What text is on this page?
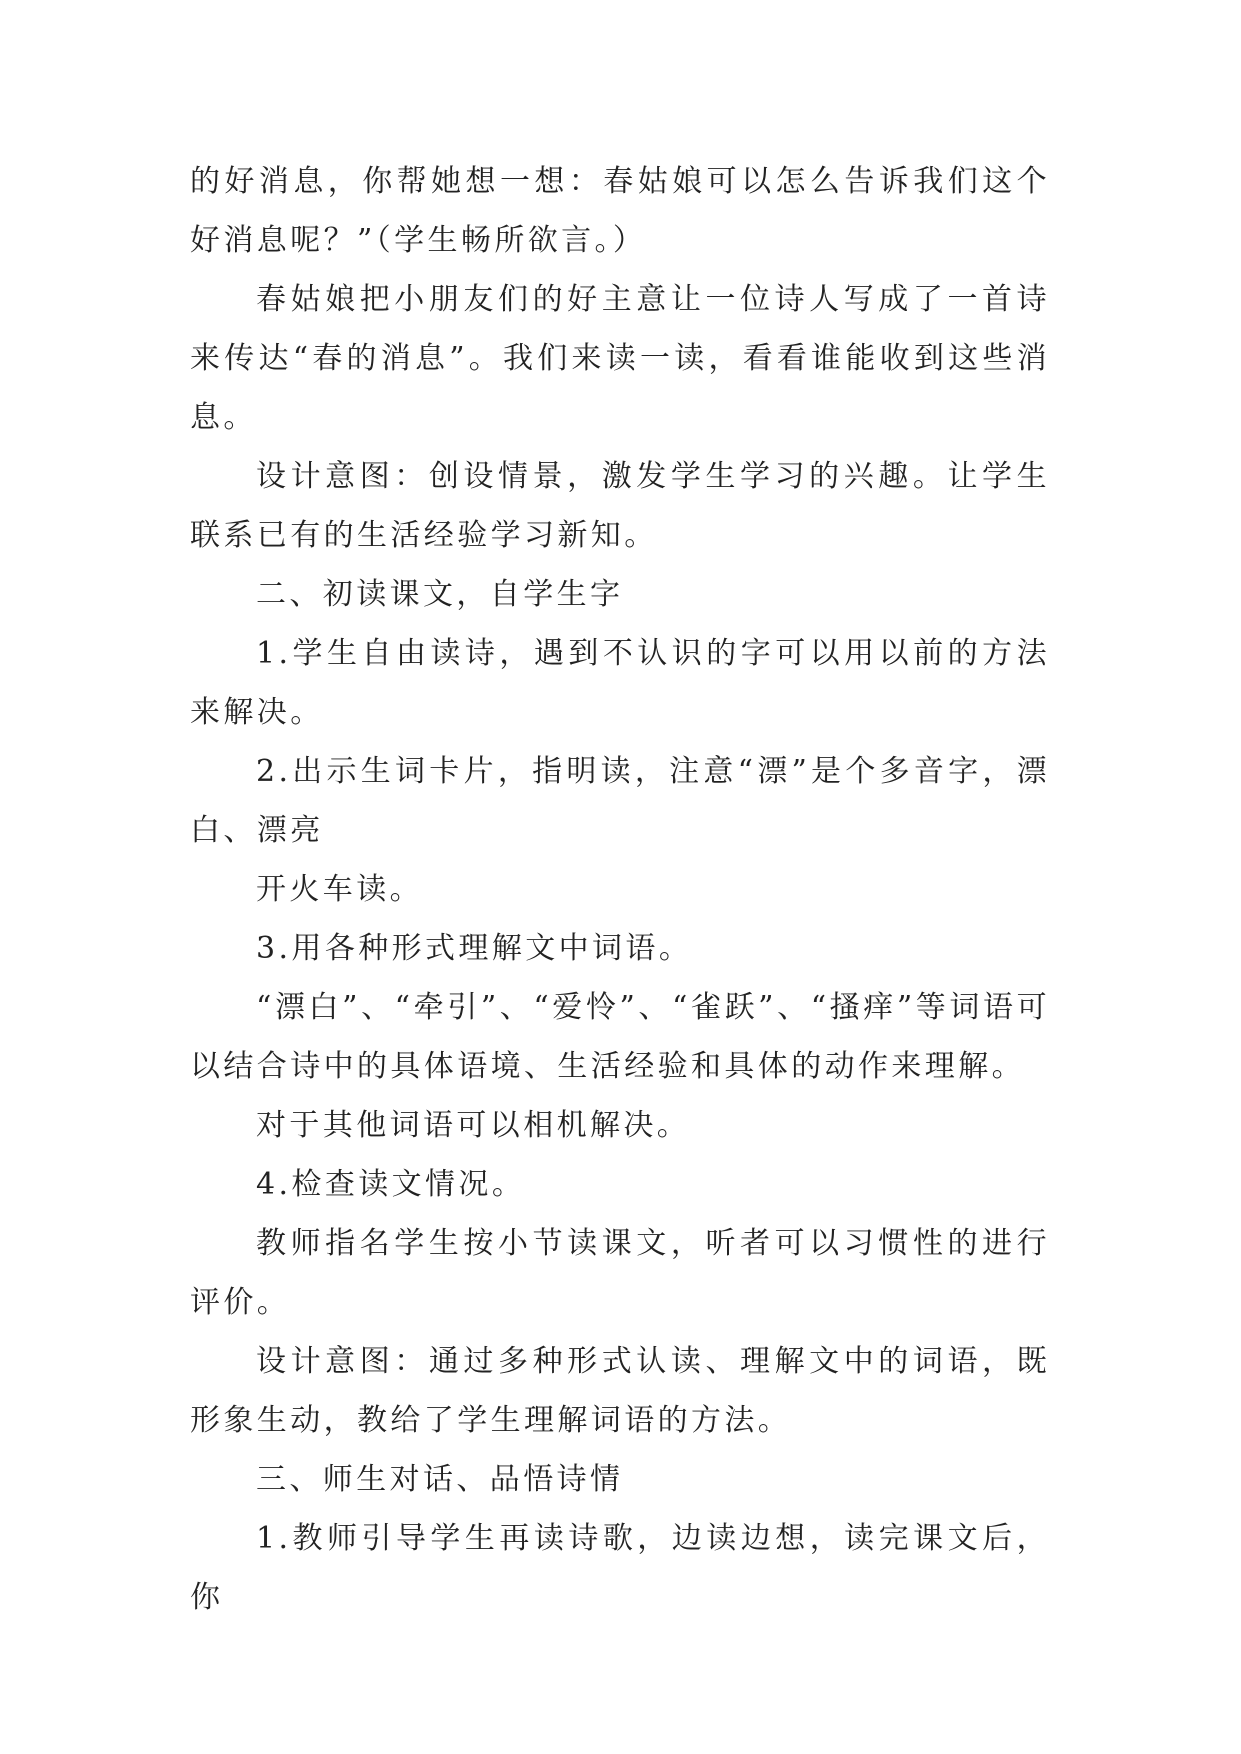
的好消息，你帮她想一想：春姑娘可以怎么告诉我们这个好消息呢？”（学生畅所欲言。）

春姑娘把小朋友们的好主意让一位诗人写成了一首诗来传达“春的消息”。我们来读一读，看看谁能收到这些消息。

设计意图：创设情景，激发学生学习的兴趣。让学生联系已有的生活经验学习新知。

二、初读课文，自学生字

1.学生自由读诗，遇到不认识的字可以用以前的方法来解决。

2.出示生词卡片，指明读，注意“漂”是个多音字，漂白、漂亮

开火车读。

3.用各种形式理解文中词语。

“漂白”、“牵引”、“爱怜”、“雀跃”、“搔痒”等词语可以结合诗中的具体语境、生活经验和具体的动作来理解。

对于其他词语可以相机解决。

4.检查读文情况。

教师指名学生按小节读课文，听者可以习惯性的进行评价。

设计意图：通过多种形式认读、理解文中的词语，既形象生动，教给了学生理解词语的方法。

三、师生对话、品悟诗情

1.教师引导学生再读诗歌，边读边想，读完课文后，你
